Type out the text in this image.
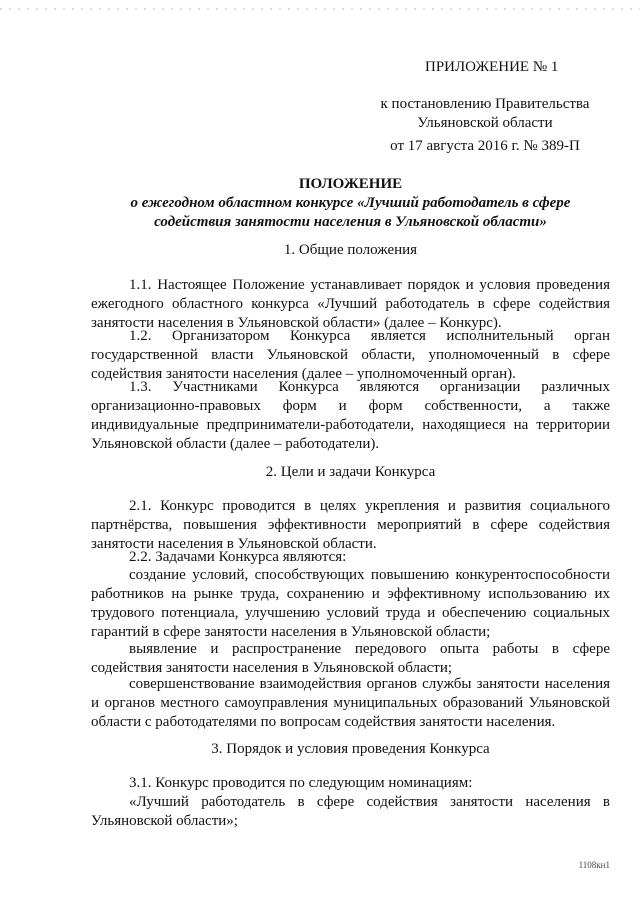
ПРИЛОЖЕНИЕ № 1
к постановлению Правительства
Ульяновской области
от 17 августа 2016 г. № 389-П
ПОЛОЖЕНИЕ
о ежегодном областном конкурсе «Лучший работодатель в сфере
содействия занятости населения в Ульяновской области»
1. Общие положения
1.1. Настоящее Положение устанавливает порядок и условия проведения ежегодного областного конкурса «Лучший работодатель в сфере содействия занятости населения в Ульяновской области» (далее – Конкурс).
1.2. Организатором Конкурса является исполнительный орган государственной власти Ульяновской области, уполномоченный в сфере содействия занятости населения (далее – уполномоченный орган).
1.3. Участниками Конкурса являются организации различных организационно-правовых форм и форм собственности, а также индивидуальные предприниматели-работодатели, находящиеся на территории Ульяновской области (далее – работодатели).
2. Цели и задачи Конкурса
2.1. Конкурс проводится в целях укрепления и развития социального партнёрства, повышения эффективности мероприятий в сфере содействия занятости населения в Ульяновской области.
2.2. Задачами Конкурса являются:
создание условий, способствующих повышению конкурентоспособности работников на рынке труда, сохранению и эффективному использованию их трудового потенциала, улучшению условий труда и обеспечению социальных гарантий в сфере занятости населения в Ульяновской области;
выявление и распространение передового опыта работы в сфере содействия занятости населения в Ульяновской области;
совершенствование взаимодействия органов службы занятости населения и органов местного самоуправления муниципальных образований Ульяновской области с работодателями по вопросам содействия занятости населения.
3. Порядок и условия проведения Конкурса
3.1. Конкурс проводится по следующим номинациям:
«Лучший работодатель в сфере содействия занятости населения в Ульяновской области»;
1108кн1
